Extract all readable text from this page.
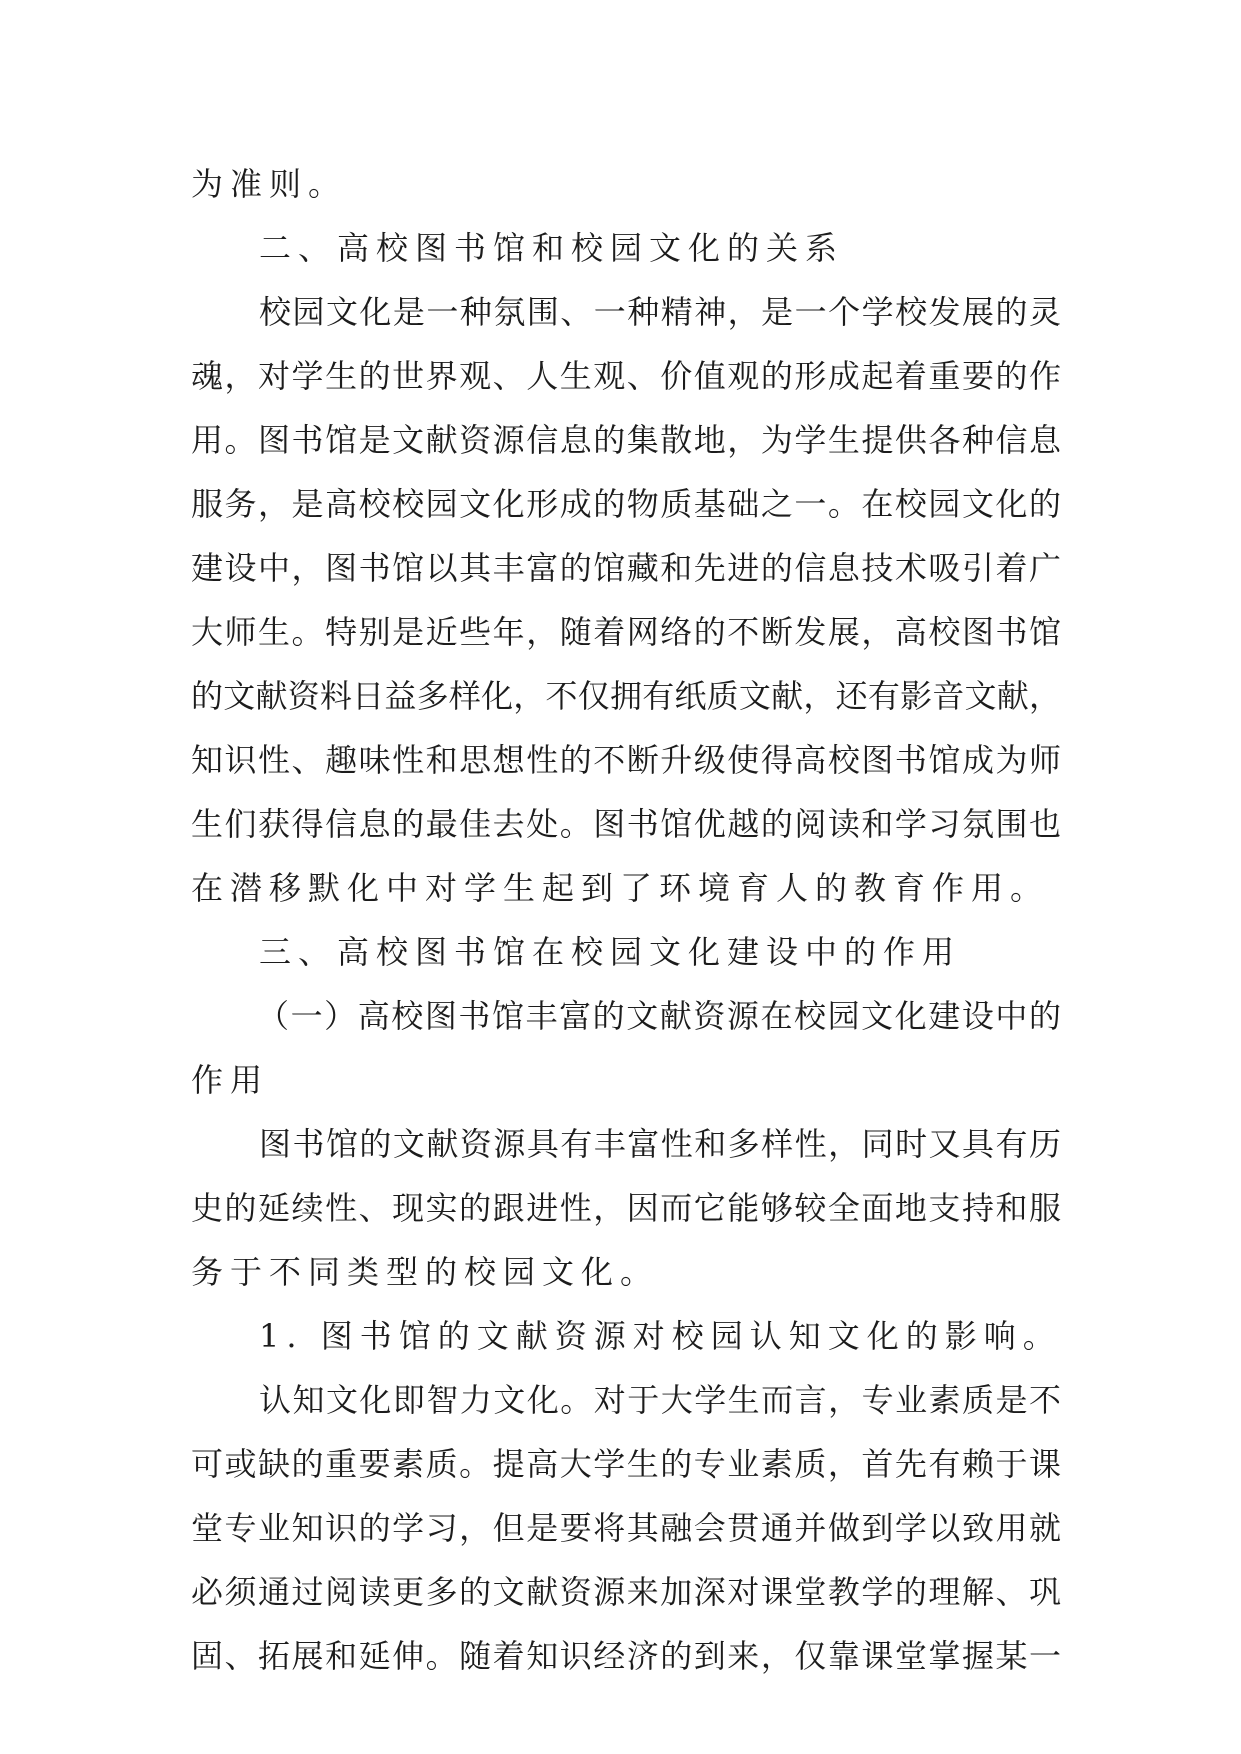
为准则。
二、高校图书馆和校园文化的关系
校园文化是一种氛围、一种精神，是一个学校发展的灵
魂，对学生的世界观、人生观、价值观的形成起着重要的作
用。图书馆是文献资源信息的集散地，为学生提供各种信息
服务，是高校校园文化形成的物质基础之一。在校园文化的
建设中，图书馆以其丰富的馆藏和先进的信息技术吸引着广
大师生。特别是近些年，随着网络的不断发展，高校图书馆
的文献资料日益多样化，不仅拥有纸质文献，还有影音文献，
知识性、趣味性和思想性的不断升级使得高校图书馆成为师
生们获得信息的最佳去处。图书馆优越的阅读和学习氛围也
在潜移默化中对学生起到了环境育人的教育作用。
三、高校图书馆在校园文化建设中的作用
（一）高校图书馆丰富的文献资源在校园文化建设中的
作用
图书馆的文献资源具有丰富性和多样性，同时又具有历
史的延续性、现实的跟进性，因而它能够较全面地支持和服
务于不同类型的校园文化。
1. 图书馆的文献资源对校园认知文化的影响。
认知文化即智力文化。对于大学生而言，专业素质是不
可或缺的重要素质。提高大学生的专业素质，首先有赖于课
堂专业知识的学习，但是要将其融会贯通并做到学以致用就
必须通过阅读更多的文献资源来加深对课堂教学的理解、巩
固、拓展和延伸。随着知识经济的到来，仅靠课堂掌握某一
